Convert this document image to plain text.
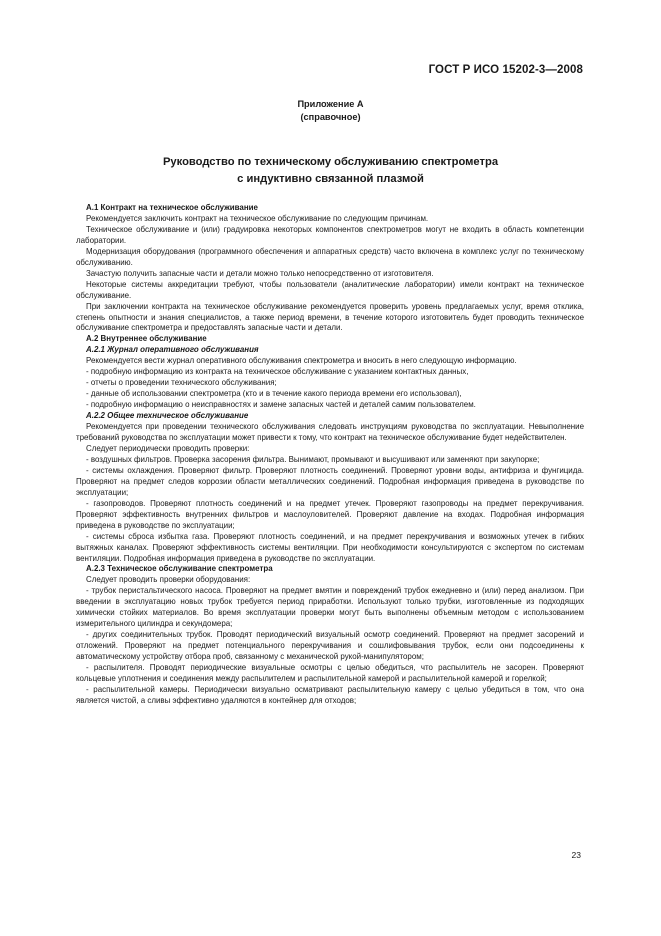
ГОСТ Р ИСО 15202-3—2008
Приложение А
(справочное)
Руководство по техническому обслуживанию спектрометра
с индуктивно связанной плазмой

А.1 Контракт на техническое обслуживание

Рекомендуется заключить контракт на техническое обслуживание по следующим причинам.

Техническое обслуживание и (или) градуировка некоторых компонентов спектрометров могут не входить в область компетенции лаборатории.

Модернизация оборудования (программного обеспечения и аппаратных средств) часто включена в комплекс услуг по техническому обслуживанию.

Зачастую получить запасные части и детали можно только непосредственно от изготовителя.

Некоторые системы аккредитации требуют, чтобы пользователи (аналитические лаборатории) имели контракт на техническое обслуживание.

При заключении контракта на техническое обслуживание рекомендуется проверить уровень предлагаемых услуг, время отклика, степень опытности и знания специалистов, а также период времени, в течение которого изготовитель будет проводить техническое обслуживание спектрометра и предоставлять запасные части и детали.

А.2 Внутреннее обслуживание

А.2.1 Журнал оперативного обслуживания

Рекомендуется вести журнал оперативного обслуживания спектрометра и вносить в него следующую информацию.

- подробную информацию из контракта на техническое обслуживание с указанием контактных данных,

- отчеты о проведении технического обслуживания;

- данные об использовании спектрометра (кто и в течение какого периода времени его использовал),

- подробную информацию о неисправностях и замене запасных частей и деталей самим пользователем.

А.2.2 Общее техническое обслуживание

Рекомендуется при проведении технического обслуживания следовать инструкциям руководства по эксплуатации. Невыполнение требований руководства по эксплуатации может привести к тому, что контракт на техническое обслуживание будет недействителен.

Следует периодически проводить проверки:

- воздушных фильтров. Проверка засорения фильтра. Вынимают, промывают и высушивают или заменяют при закупорке;

- системы охлаждения. Проверяют фильтр. Проверяют плотность соединений. Проверяют уровни воды, антифриза и фунгицида. Проверяют на предмет следов коррозии области металлических соединений. Подробная информация приведена в руководстве по эксплуатации;

- газопроводов. Проверяют плотность соединений и на предмет утечек. Проверяют газопроводы на предмет перекручивания. Проверяют эффективность внутренних фильтров и маслоуловителей. Проверяют давление на входах. Подробная информация приведена в руководстве по эксплуатации;

- системы сброса избытка газа. Проверяют плотность соединений, и на предмет перекручивания и возможных утечек в гибких вытяжных каналах. Проверяют эффективность системы вентиляции. При необходимости консультируются с экспертом по системам вентиляции. Подробная информация приведена в руководстве по эксплуатации.

А.2.3 Техническое обслуживание спектрометра

Следует проводить проверки оборудования:

- трубок перистальтического насоса. Проверяют на предмет вмятин и повреждений трубок ежедневно и (или) перед анализом. При введении в эксплуатацию новых трубок требуется период приработки. Используют только трубки, изготовленные из подходящих химически стойких материалов. Во время эксплуатации проверки могут быть выполнены объемным методом с использованием измерительного цилиндра и секундомера;

- других соединительных трубок. Проводят периодический визуальный осмотр соединений. Проверяют на предмет засорений и отложений. Проверяют на предмет потенциального перекручивания и сошлифовывания трубок, если они подсоединены к автоматическому устройству отбора проб, связанному с механической рукой-манипулятором;

- распылителя. Проводят периодические визуальные осмотры с целью обедиться, что распылитель не засорен. Проверяют кольцевые уплотнения и соединения между распылителем и распылительной камерой и распылительной камерой и горелкой;

- распылительной камеры. Периодически визуально осматривают распылительную камеру с целью убедиться в том, что она является чистой, а сливы эффективно удаляются в контейнер для отходов;

23
